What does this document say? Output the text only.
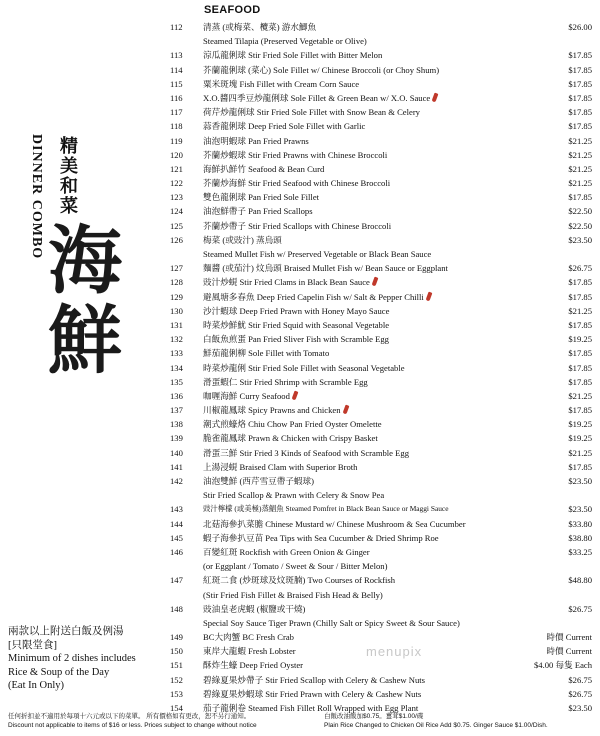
SEAFOOD
DINNER COMBO 精美和菜
海
鮮
112	清蒸 (或梅菜、欖菜) 游水鯽魚	$26.00
Steamed Tilapia (Preserved Vegetable or Olive)
113	涼瓜龍俐球 Stir Fried Sole Fillet with Bitter Melon	$17.85
114	芥蘭龍俐球 (菜心) Sole Fillet w/ Chinese Broccoli (or Choy Shum)	$17.85
115	粟米斑塊 Fish Fillet with Cream Corn Sauce	$17.85
116	X.O.醬四季豆炒龍俐球 Sole Fillet & Green Bean w/ X.O. Sauce	$17.85
117	荷芹炒龍俐球 Stir Fried Sole Fillet with Snow Bean & Celery	$17.85
118	蒜香龍俐球 Deep Fried Sole Fillet with Garlic	$17.85
119	油泡明蝦球 Pan Fried Prawns	$21.25
120	芥蘭炒蝦球 Stir Fried Prawns with Chinese Broccoli	$21.25
121	海鮮扒鮮竹 Seafood & Bean Curd	$21.25
122	芥蘭炒海鮮 Stir Fried Seafood with Chinese Broccoli	$21.25
123	雙色龍俐球 Pan Fried Sole Fillet	$17.85
124	油泡鮮帶子 Pan Fried Scallops	$22.50
125	芥蘭炒帶子 Stir Fried Scallops with Chinese Broccoli	$22.50
126	梅菜 (或豉汁) 蒸烏頭	$23.50
Steamed Mullet Fish w/ Preserved Vegetable or Black Bean Sauce
127	麵醬 (或茄汁) 炆烏頭 Braised Mullet Fish w/ Bean Sauce or Eggplant	$26.75
128	豉汁炒蜆 Stir Fried Clams in Black Bean Sauce	$17.85
129	避風塘多春魚 Deep Fried Capelin Fish w/ Salt & Pepper Chilli	$17.85
130	沙汁蝦球 Deep Fried Prawn with Honey Mayo Sauce	$21.25
131	時菜炒鮮魷 Stir Fried Squid with Seasonal Vegetable	$17.85
132	白飯魚煎蛋 Pan Fried Sliver Fish with Scramble Egg	$19.25
133	鮮茄龍俐柳 Sole Fillet with Tomato	$17.85
134	時菜炒龍俐 Stir Fried Sole Fillet with Seasonal Vegetable	$17.85
135	滑蛋蝦仁 Stir Fried Shrimp with Scramble Egg	$17.85
136	咖喱海鮮 Curry Seafood	$21.25
137	川椒龍鳳球 Spicy Prawns and Chicken	$17.85
138	潮式煎蠔烙 Chiu Chow Pan Fried Oyster Omelette	$19.25
139	脆雀龍鳳球 Prawn & Chicken with Crispy Basket	$19.25
140	滑蛋三鮮 Stir Fried 3 Kinds of Seafood with Scramble Egg	$21.25
141	上湯浸蜆 Braised Clam with Superior Broth	$17.85
142	油泡雙鮮 (西芹雪豆帶子蝦球)	$23.50
Stir Fried Scallop & Prawn with Celery & Snow Pea
143	豉汁檸檬 (或美極)蒸鯧魚 Steamed Pomfret in Black Bean Sauce or Maggi Sauce	$23.50
144	北菇海參扒菜膽 Chinese Mustard w/ Chinese Mushroom & Sea Cucumber	$33.80
145	蝦子海參扒豆苗 Pea Tips with Sea Cucumber & Dried Shrimp Roe	$38.80
146	百變紅斑 Rockfish with Green Onion & Ginger	$33.25
(or Eggplant / Tomato / Sweet & Sour / Bitter Melon)
147	紅斑二食 (炒斑球及炆斑腩) Two Courses of Rockfish	$48.80
(Stir Fried Fish Fillet & Braised Fish Head & Belly)
148	豉油皇老虎蝦 (椒鹽或干燒)	$26.75
Special Soy Sauce Tiger Prawn (Chilly Salt or Spicy Sweet & Sour Sauce)
149	BC大肉蟹 BC Fresh Crab	時價 Current
150	東岸大龍蝦 Fresh Lobster	時價 Current
151	酥炸生蠔 Deep Fried Oyster	$4.00 每隻 Each
152	碧綠夏果炒帶子 Stir Fried Scallop with Celery & Cashew Nuts	$26.75
153	碧綠夏果炒蝦球 Stir Fried Prawn with Celery & Cashew Nuts	$26.75
154	茄子龍俐卷 Steamed Fish Fillet Roll Wrapped with Egg Plant	$23.50
menupix
兩款以上附送白飯及例湯
[只限堂食]
Minimum of 2 dishes includes
Rice & Soup of the Day
(Eat In Only)
任何折扣並不適用於每項十六元或以下的菜單。 所有價格如有更改，恕不另行通知。
Discount not applicable to items of $16 or less. Prices subject to change without notice
白飯改油飯加$0.75。薑茸$1.00/碟
Plain Rice Changed to Chicken Oil Rice Add $0.75. Ginger Sauce $1.00/Dish.
